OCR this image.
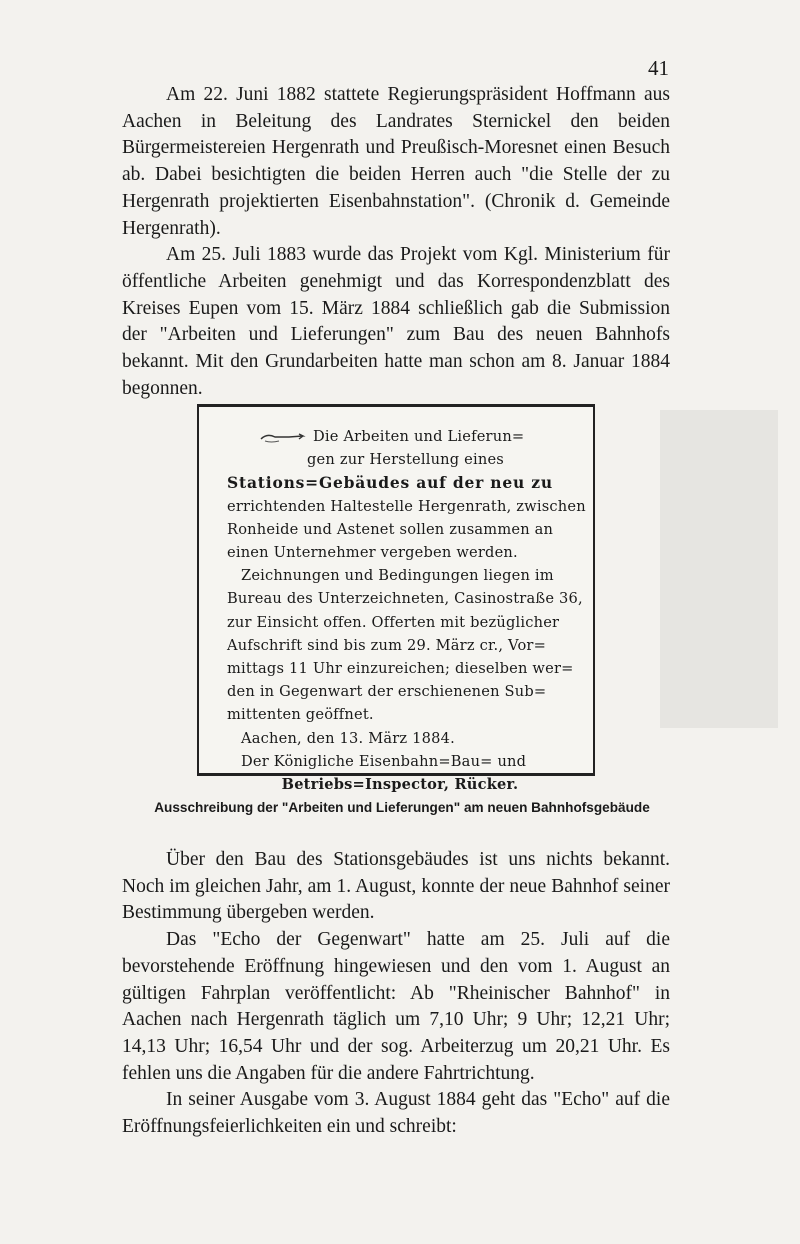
41

Am 22. Juni 1882 stattete Regierungspräsident Hoffmann aus Aachen in Beleitung des Landrates Sternickel den beiden Bürgermeistereien Hergenrath und Preußisch-Moresnet einen Besuch ab. Dabei besichtigten die beiden Herren auch "die Stelle der zu Hergenrath projektierten Eisenbahnstation". (Chronik d. Gemeinde Hergenrath).

Am 25. Juli 1883 wurde das Projekt vom Kgl. Ministerium für öffentliche Arbeiten genehmigt und das Korrespondenzblatt des Kreises Eupen vom 15. März 1884 schließlich gab die Submission der "Arbeiten und Lieferungen" zum Bau des neuen Bahnhofs bekannt. Mit den Grundarbeiten hatte man schon am 8. Januar 1884 begonnen.

Die Arbeiten und Lieferun=
gen zur Herstellung eines
Stations=Gebäudes auf der neu zu
errichtenden Haltestelle Hergenrath, zwischen
Ronheide und Astenet sollen zusammen an
einen Unternehmer vergeben werden.
Zeichnungen und Bedingungen liegen im
Bureau des Unterzeichneten, Casinostraße 36,
zur Einsicht offen. Offerten mit bezüglicher
Aufschrift sind bis zum 29. März cr., Vor=
mittags 11 Uhr einzureichen; dieselben wer=
den in Gegenwart der erschienenen Sub=
mittenten geöffnet.
Aachen, den 13. März 1884.
Der Königliche Eisenbahn=Bau= und
Betriebs=Inspector, Rücker.
Ausschreibung der "Arbeiten und Lieferungen" am neuen Bahnhofsgebäude

Über den Bau des Stationsgebäudes ist uns nichts bekannt. Noch im gleichen Jahr, am 1. August, konnte der neue Bahnhof seiner Bestimmung übergeben werden.

Das "Echo der Gegenwart" hatte am 25. Juli auf die bevorstehende Eröffnung hingewiesen und den vom 1. August an gültigen Fahrplan veröffentlicht: Ab "Rheinischer Bahnhof" in Aachen nach Hergenrath täglich um 7,10 Uhr; 9 Uhr; 12,21 Uhr; 14,13 Uhr; 16,54 Uhr und der sog. Arbeiterzug um 20,21 Uhr. Es fehlen uns die Angaben für die andere Fahrtrichtung.

In seiner Ausgabe vom 3. August 1884 geht das "Echo" auf die Eröffnungsfeierlichkeiten ein und schreibt:
